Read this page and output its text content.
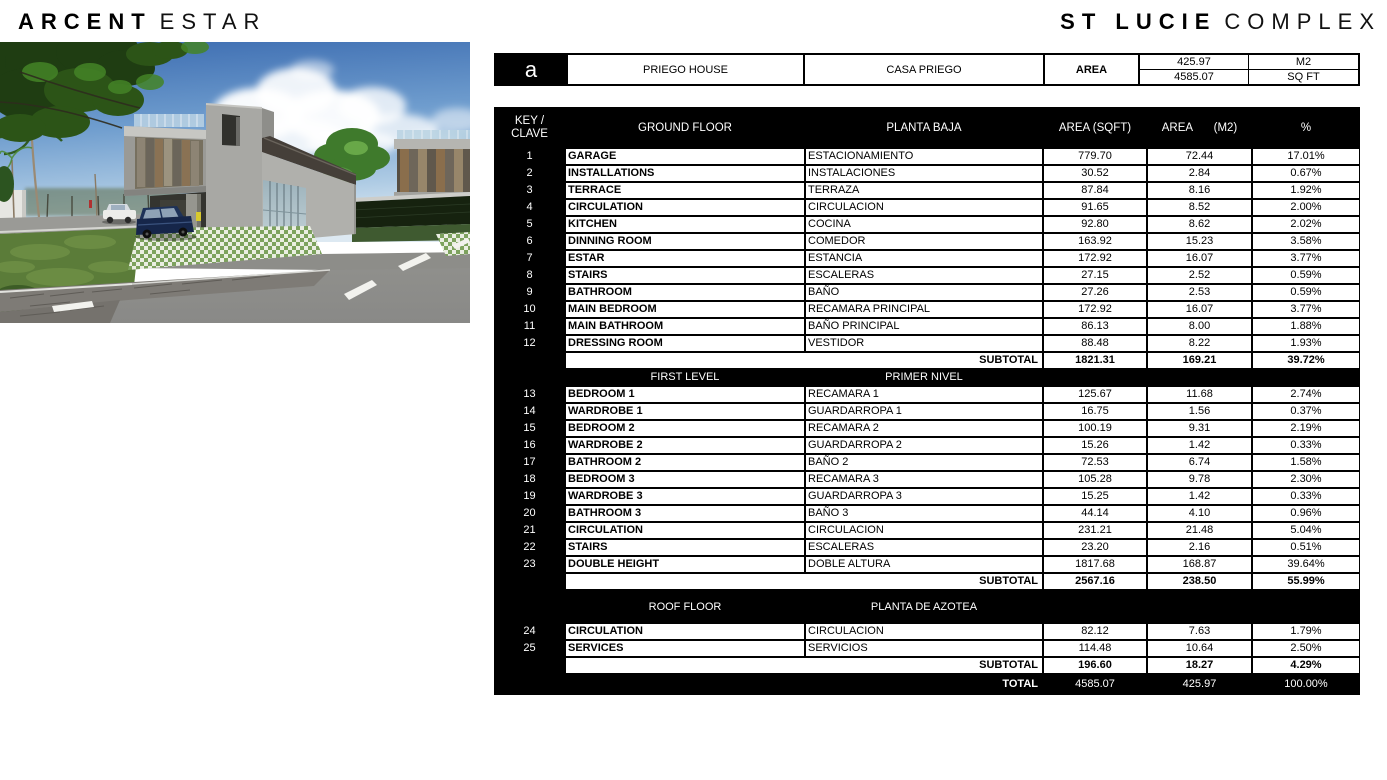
ARCENT ESTAR	ST LUCIE COMPLEX
a	PRIEGO HOUSE	CASA PRIEGO	AREA
425.97	M2
4585.07	SQ FT
KEY /
CLAVE	GROUND FLOOR	PLANTA BAJA	AREA (SQFT)	AREA (M2)	%
1	GARAGE	ESTACIONAMIENTO	779.70	72.44	17.01%
2	INSTALLATIONS	INSTALACIONES	30.52	2.84	0.67%
3	TERRACE	TERRAZA	87.84	8.16	1.92%
4	CIRCULATION	CIRCULACION	91.65	8.52	2.00%
5	KITCHEN	COCINA	92.80	8.62	2.02%
6	DINNING ROOM	COMEDOR	163.92	15.23	3.58%
7	ESTAR	ESTANCIA	172.92	16.07	3.77%
8	STAIRS	ESCALERAS	27.15	2.52	0.59%
9	BATHROOM	BAÑO	27.26	2.53	0.59%
10	MAIN BEDROOM	RECAMARA PRINCIPAL	172.92	16.07	3.77%
11	MAIN BATHROOM	BAÑO PRINCIPAL	86.13	8.00	1.88%
12	DRESSING ROOM	VESTIDOR	88.48	8.22	1.93%
SUBTOTAL	1821.31	169.21	39.72%
FIRST LEVEL	PRIMER NIVEL
13	BEDROOM 1	RECAMARA 1	125.67	11.68	2.74%
14	WARDROBE 1	GUARDARROPA 1	16.75	1.56	0.37%
15	BEDROOM 2	RECAMARA 2	100.19	9.31	2.19%
16	WARDROBE 2	GUARDARROPA 2	15.26	1.42	0.33%
17	BATHROOM 2	BAÑO 2	72.53	6.74	1.58%
18	BEDROOM 3	RECAMARA 3	105.28	9.78	2.30%
19	WARDROBE 3	GUARDARROPA 3	15.25	1.42	0.33%
20	BATHROOM 3	BAÑO 3	44.14	4.10	0.96%
21	CIRCULATION	CIRCULACION	231.21	21.48	5.04%
22	STAIRS	ESCALERAS	23.20	2.16	0.51%
23	DOUBLE HEIGHT	DOBLE ALTURA	1817.68	168.87	39.64%
SUBTOTAL	2567.16	238.50	55.99%
ROOF FLOOR	PLANTA DE AZOTEA
24	CIRCULATION	CIRCULACION	82.12	7.63	1.79%
25	SERVICES	SERVICIOS	114.48	10.64	2.50%
SUBTOTAL	196.60	18.27	4.29%
TOTAL	4585.07	425.97	100.00%
